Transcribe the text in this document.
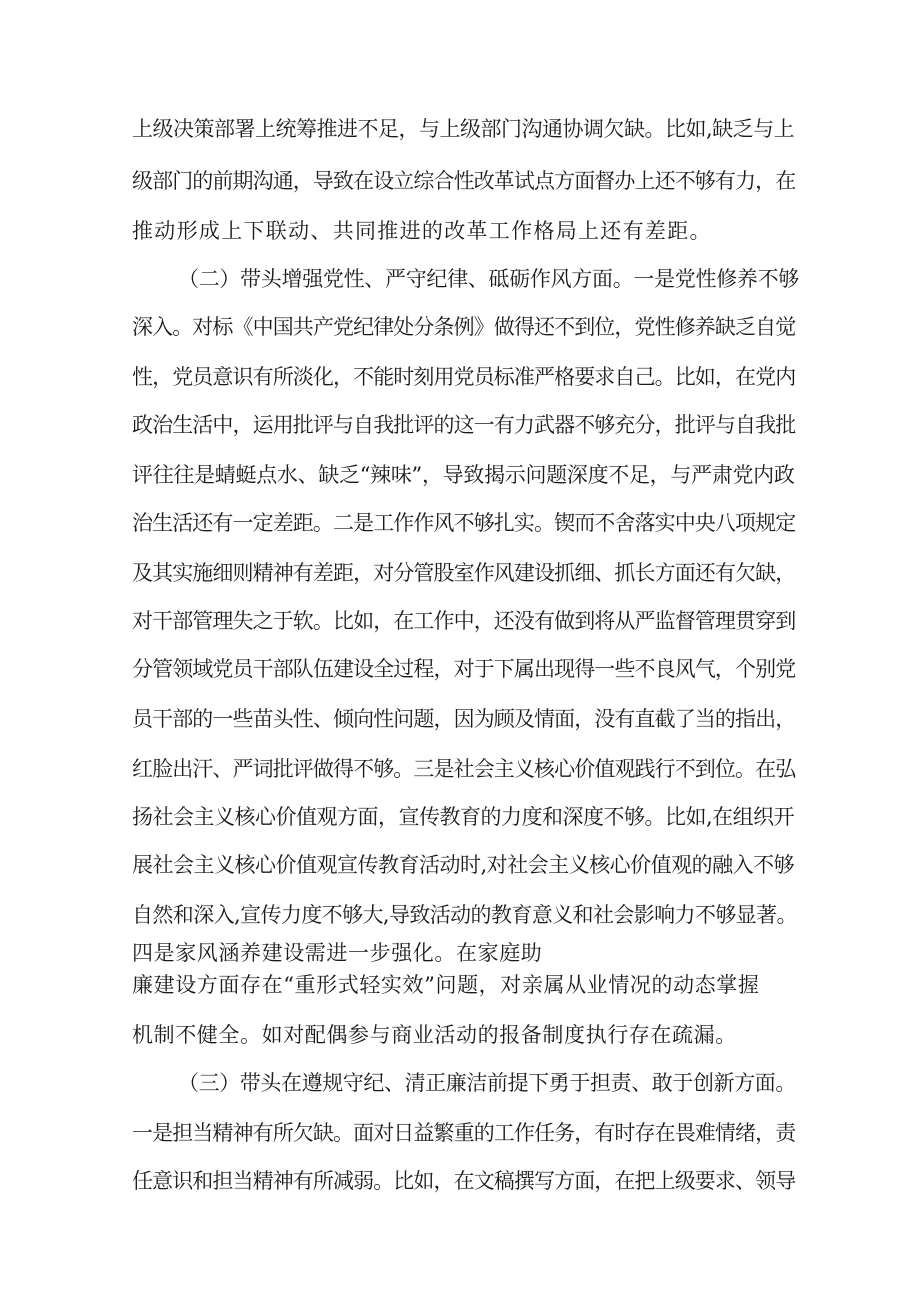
上级决策部署上统筹推进不足，与上级部门沟通协调欠缺。比如,缺乏与上

级部门的前期沟通，导致在设立综合性改革试点方面督办上还不够有力，在

推动形成上下联动、共同推进的改革工作格局上还有差距。

（二）带头增强党性、严守纪律、砥砺作风方面。一是党性修养不够

深入。对标《中国共产党纪律处分条例》做得还不到位，党性修养缺乏自觉

性，党员意识有所淡化，不能时刻用党员标准严格要求自己。比如，在党内

政治生活中，运用批评与自我批评的这一有力武器不够充分，批评与自我批

评往往是蜻蜓点水、缺乏“辣味”，导致揭示问题深度不足，与严肃党内政

治生活还有一定差距。二是工作作风不够扎实。锲而不舍落实中央八项规定

及其实施细则精神有差距，对分管股室作风建设抓细、抓长方面还有欠缺，

对干部管理失之于软。比如，在工作中，还没有做到将从严监督管理贯穿到

分管领域党员干部队伍建设全过程，对于下属出现得一些不良风气，个别党

员干部的一些苗头性、倾向性问题，因为顾及情面，没有直截了当的指出，

红脸出汗、严词批评做得不够。三是社会主义核心价值观践行不到位。在弘

扬社会主义核心价值观方面，宣传教育的力度和深度不够。比如,在组织开

展社会主义核心价值观宣传教育活动时,对社会主义核心价值观的融入不够

自然和深入,宣传力度不够大,导致活动的教育意义和社会影响力不够显著。

四是家风涵养建设需进一步强化。在家庭助

廉建设方面存在“重形式轻实效”问题，对亲属从业情况的动态掌握

机制不健全。如对配偶参与商业活动的报备制度执行存在疏漏。

（三）带头在遵规守纪、清正廉洁前提下勇于担责、敢于创新方面。

一是担当精神有所欠缺。面对日益繁重的工作任务，有时存在畏难情绪，责

任意识和担当精神有所减弱。比如，在文稿撰写方面，在把上级要求、领导
